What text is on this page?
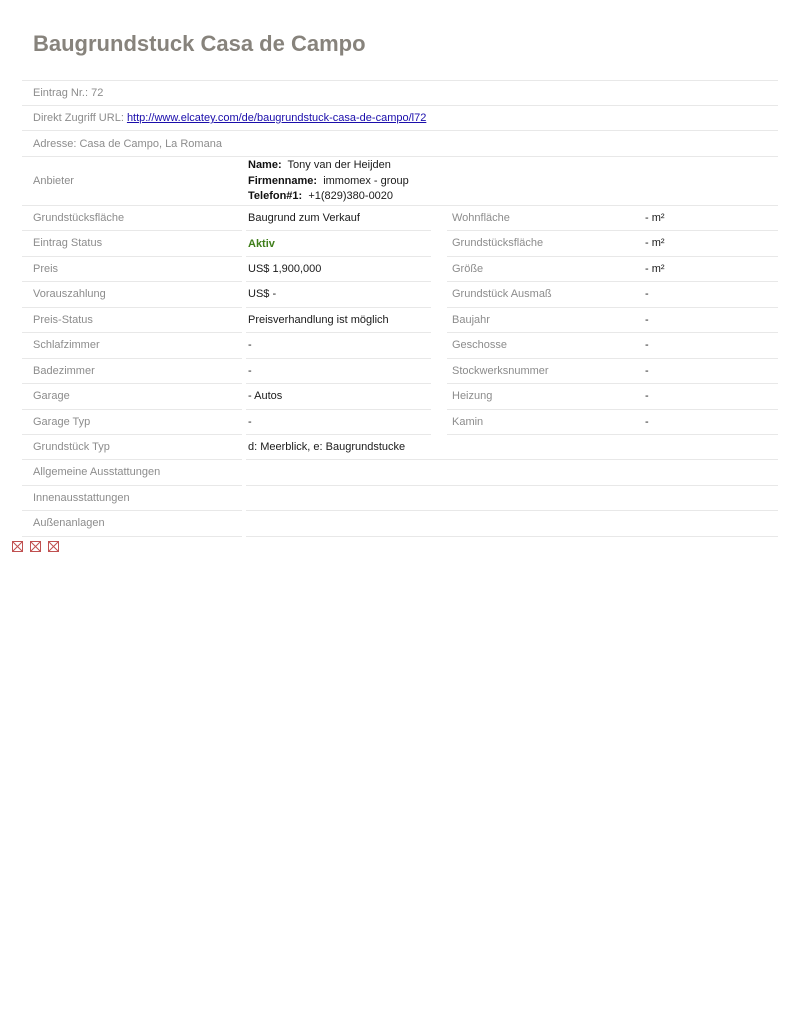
Baugrundstuck Casa de Campo
Eintrag Nr.: 72
Direkt Zugriff URL: http://www.elcatey.com/de/baugrundstuck-casa-de-campo/l72
Adresse: Casa de Campo, La Romana
Anbieter
Name: Tony van der Heijden
Firmenname: immomex - group
Telefon#1: +1(829)380-0020
Grundstücksfläche	Baugrund zum Verkauf	Wohnfläche	- m²
Eintrag Status	Aktiv	Grundstücksfläche	- m²
Preis	US$ 1,900,000	Größe	- m²
Vorauszahlung	US$ -	Grundstück Ausmaß	-
Preis-Status	Preisverhandlung ist möglich	Baujahr	-
Schlafzimmer	-	Geschosse	-
Badezimmer	-	Stockwerksnummer	-
Garage	- Autos	Heizung	-
Garage Typ	-	Kamin	-
Grundstück Typ	d: Meerblick, e: Baugrundstucke
Allgemeine Ausstattungen
Innenausstattungen
Außenanlagen
